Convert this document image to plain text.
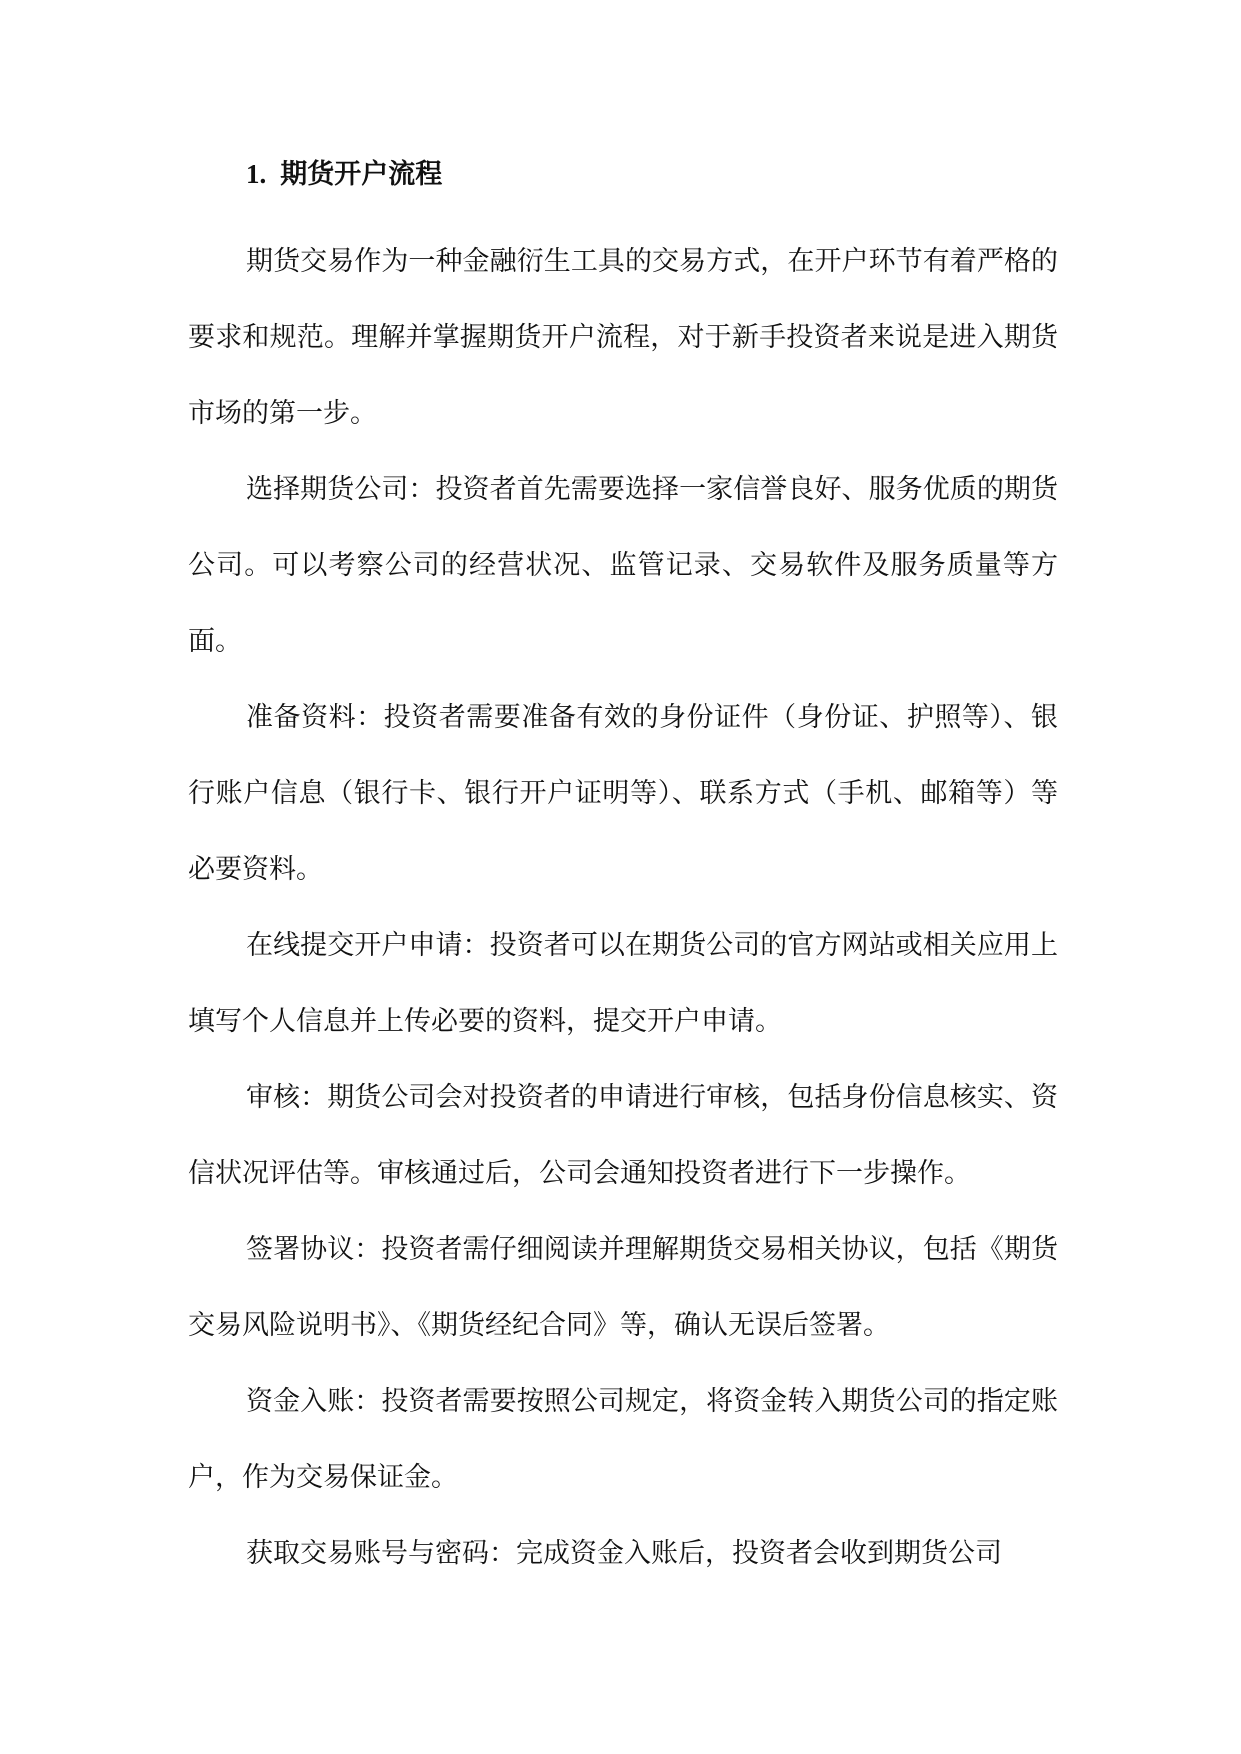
1. 期货开户流程

期货交易作为一种金融衍生工具的交易方式，在开户环节有着严格的要求和规范。理解并掌握期货开户流程，对于新手投资者来说是进入期货市场的第一步。

选择期货公司：投资者首先需要选择一家信誉良好、服务优质的期货公司。可以考察公司的经营状况、监管记录、交易软件及服务质量等方面。

准备资料：投资者需要准备有效的身份证件（身份证、护照等）、银行账户信息（银行卡、银行开户证明等）、联系方式（手机、邮箱等）等必要资料。

在线提交开户申请：投资者可以在期货公司的官方网站或相关应用上填写个人信息并上传必要的资料，提交开户申请。

审核：期货公司会对投资者的申请进行审核，包括身份信息核实、资信状况评估等。审核通过后，公司会通知投资者进行下一步操作。

签署协议：投资者需仔细阅读并理解期货交易相关协议，包括《期货交易风险说明书》、《期货经纪合同》等，确认无误后签署。

资金入账：投资者需要按照公司规定，将资金转入期货公司的指定账户，作为交易保证金。

获取交易账号与密码：完成资金入账后，投资者会收到期货公司
